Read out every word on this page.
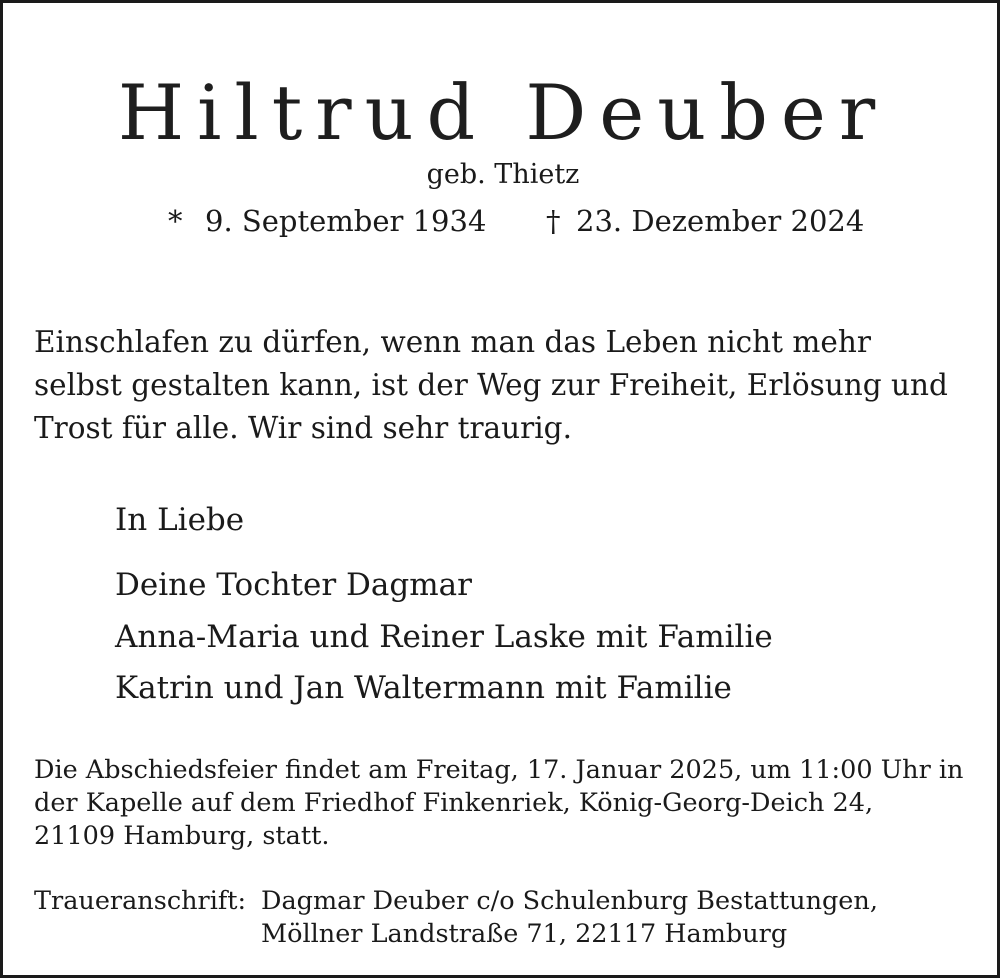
Hiltrud Deuber
geb. Thietz
* 9. September 1934 † 23. Dezember 2024
Einschlafen zu dürfen, wenn man das Leben nicht mehr
selbst gestalten kann, ist der Weg zur Freiheit, Erlösung und
Trost für alle. Wir sind sehr traurig.
In Liebe
Deine Tochter Dagmar
Anna-Maria und Reiner Laske mit Familie
Katrin und Jan Waltermann mit Familie
Die Abschiedsfeier findet am Freitag, 17. Januar 2025, um 11:00 Uhr in
der Kapelle auf dem Friedhof Finkenriek, König-Georg-Deich 24,
21109 Hamburg, statt.
Traueranschrift: Dagmar Deuber c/o Schulenburg Bestattungen,
Möllner Landstraße 71, 22117 Hamburg
